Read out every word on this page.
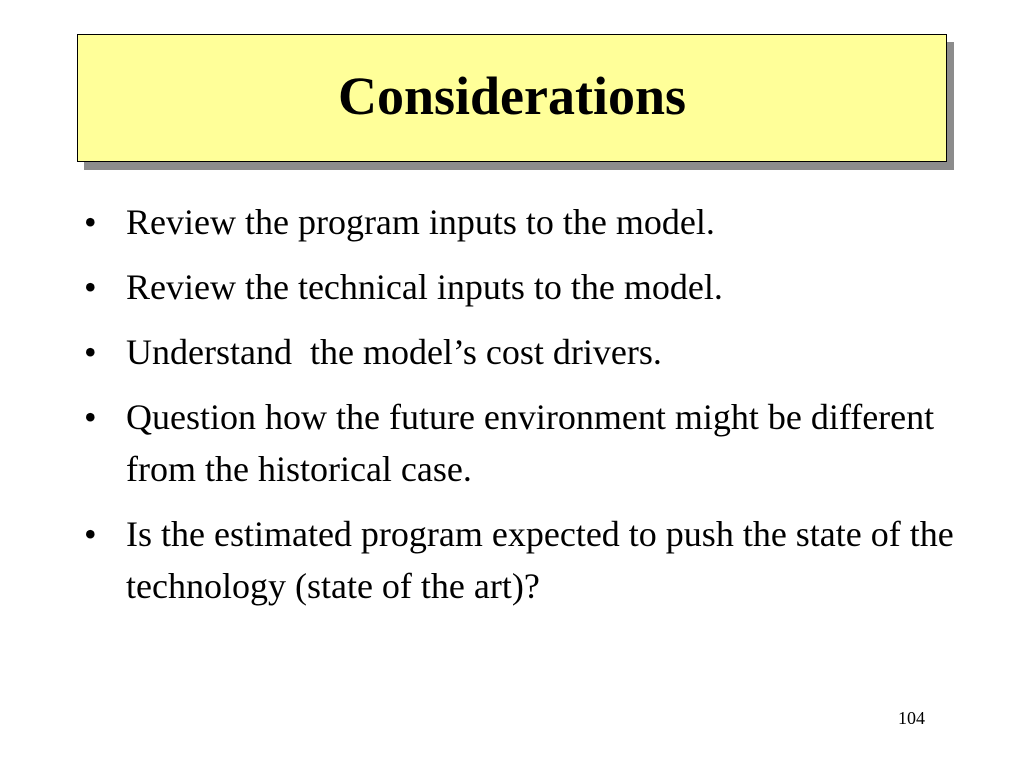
Considerations
• Review the program inputs to the model.
• Review the technical inputs to the model.
• Understand  the model’s cost drivers.
• Question how the future environment might be different from the historical case.
• Is the estimated program expected to push the state of the technology (state of the art)?
104
